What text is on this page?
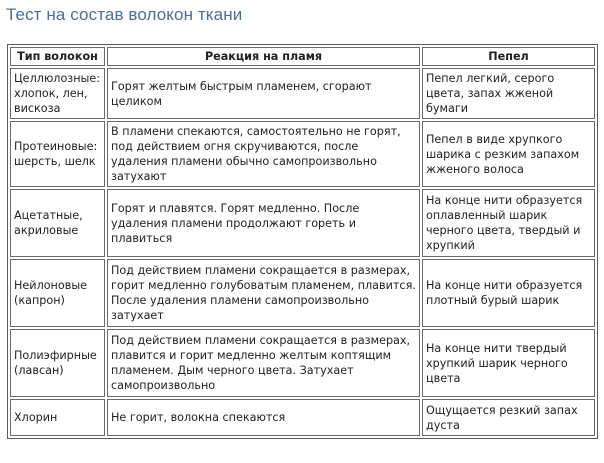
Тест на состав волокон ткани
Тип волокон	Реакция на пламя	Пепел
Целлюлозные: хлопок, лен, вискоза	Горят желтым быстрым пламенем, сгорают целиком	Пепел легкий, серого цвета, запах жженой бумаги
Протеиновые: шерсть, шелк	В пламени спекаются, самостоятельно не горят, под действием огня скручиваются, после удаления пламени обычно самопроизвольно затухают	Пепел в виде хрупкого шарика с резким запахом жженого волоса
Ацетатные, акриловые	Горят и плавятся. Горят медленно. После удаления пламени продолжают гореть и плавиться	На конце нити образуется оплавленный шарик черного цвета, твердый и хрупкий
Нейлоновые (капрон)	Под действием пламени сокращается в размерах, горит медленно голубоватым пламенем, плавится. После удаления пламени самопроизвольно затухает	На конце нити образуется плотный бурый шарик
Полиэфирные (лавсан)	Под действием пламени сокращается в размерах, плавится и горит медленно желтым коптящим пламенем. Дым черного цвета. Затухает самопроизвольно	На конце нити твердый хрупкий шарик черного цвета
Хлорин	Не горит, волокна спекаются	Ощущается резкий запах дуста
